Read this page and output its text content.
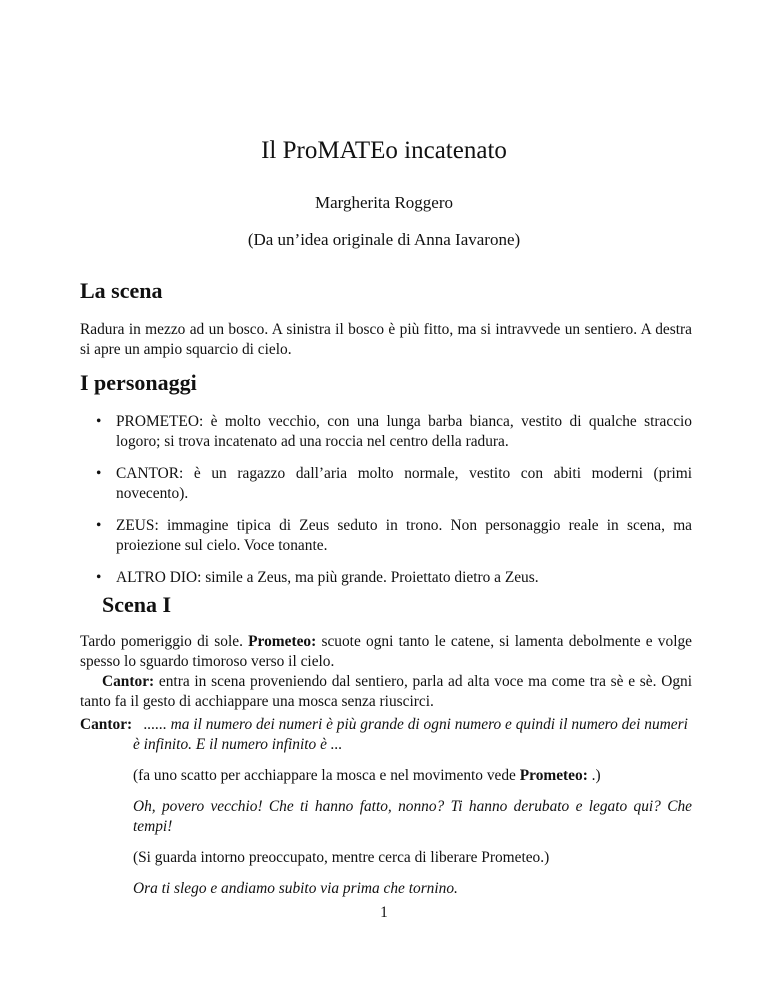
Il ProMATEo incatenato
Margherita Roggero
(Da un’idea originale di Anna Iavarone)
La scena

Radura in mezzo ad un bosco. A sinistra il bosco è più fitto, ma si intravvede un sentiero. A destra si apre un ampio squarcio di cielo.

I personaggi
• PROMETEO: è molto vecchio, con una lunga barba bianca, vestito di qualche straccio logoro; si trova incatenato ad una roccia nel centro della radura.
• CANTOR: è un ragazzo dall’aria molto normale, vestito con abiti moderni (primi novecento).
• ZEUS: immagine tipica di Zeus seduto in trono. Non personaggio reale in scena, ma proiezione sul cielo. Voce tonante.
• ALTRO DIO: simile a Zeus, ma più grande. Proiettato dietro a Zeus.
Scena I

Tardo pomeriggio di sole. Prometeo: scuote ogni tanto le catene, si lamenta debolmente e volge spesso lo sguardo timoroso verso il cielo.

Cantor: entra in scena proveniendo dal sentiero, parla ad alta voce ma come tra sè e sè. Ogni tanto fa il gesto di acchiappare una mosca senza riuscirci.

Cantor: ...... ma il numero dei numeri è più grande di ogni numero e quindi il numero dei numeri è infinito. E il numero infinito è ...
(fa uno scatto per acchiappare la mosca e nel movimento vede Prometeo: .)
Oh, povero vecchio! Che ti hanno fatto, nonno? Ti hanno derubato e legato qui? Che tempi!
(Si guarda intorno preoccupato, mentre cerca di liberare Prometeo.)
Ora ti slego e andiamo subito via prima che tornino.
1
